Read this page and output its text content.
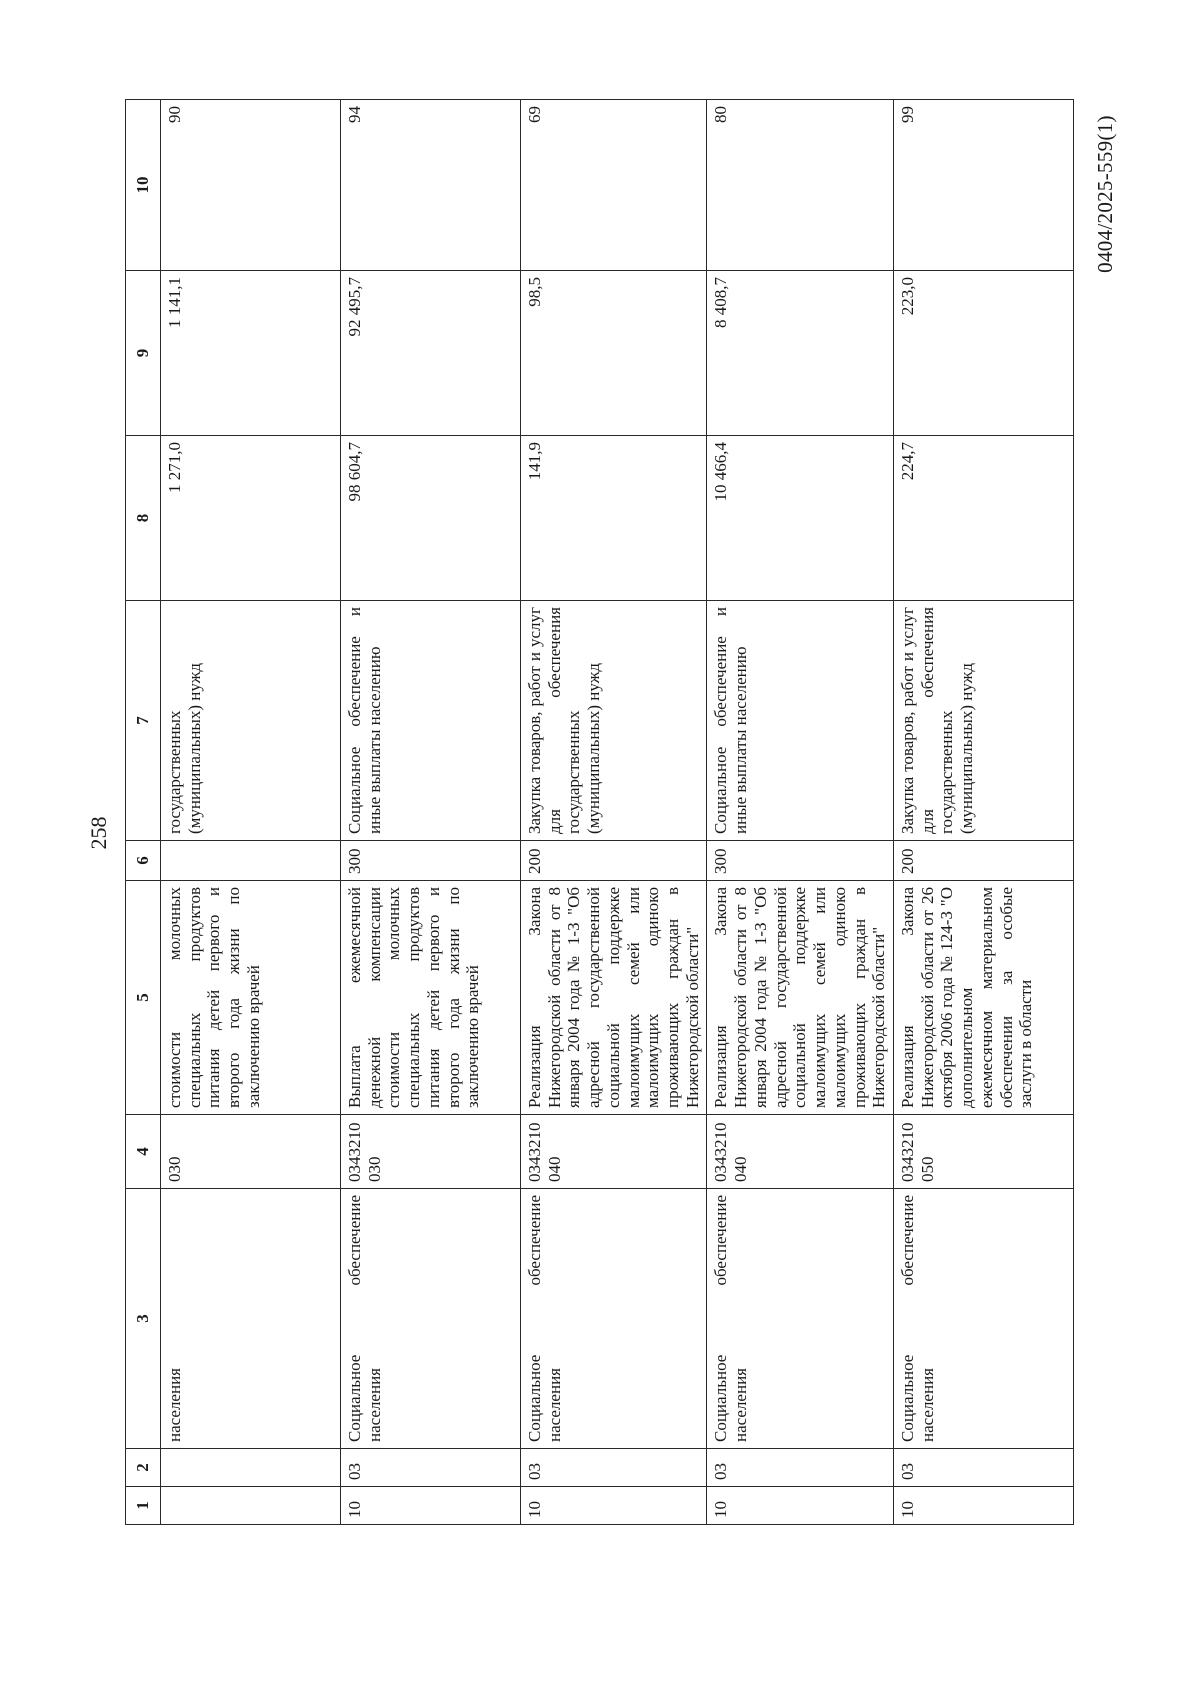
258
0404/2025-559(1)
1	2	3	4	5	6	7	8	9	10
		населения	030	стоимости молочных специальных продуктов питания детей первого и второго года жизни по заключению врачей		государственных (муниципальных) нужд	1 271,0	1 141,1	90
10	03	Социальное обеспечение населения	0343210 030	Выплата ежемесячной денежной компенсации стоимости молочных специальных продуктов питания детей первого и второго года жизни по заключению врачей	300	Социальное обеспечение и иные выплаты населению	98 604,7	92 495,7	94
10	03	Социальное обеспечение населения	0343210 040	Реализация Закона Нижегородской области от 8 января 2004 года № 1-З "Об адресной государственной социальной поддержке малоимущих семей или малоимущих одиноко проживающих граждан в Нижегородской области"	200	Закупка товаров, работ и услуг для обеспечения государственных (муниципальных) нужд	141,9	98,5	69
10	03	Социальное обеспечение населения	0343210 040	Реализация Закона Нижегородской области от 8 января 2004 года № 1-З "Об адресной государственной социальной поддержке малоимущих семей или малоимущих одиноко проживающих граждан в Нижегородской области"	300	Социальное обеспечение и иные выплаты населению	10 466,4	8 408,7	80
10	03	Социальное обеспечение населения	0343210 050	Реализация Закона Нижегородской области от 26 октября 2006 года № 124-З "О дополнительном ежемесячном материальном обеспечении за особые заслуги в области	200	Закупка товаров, работ и услуг для обеспечения государственных (муниципальных) нужд	224,7	223,0	99
